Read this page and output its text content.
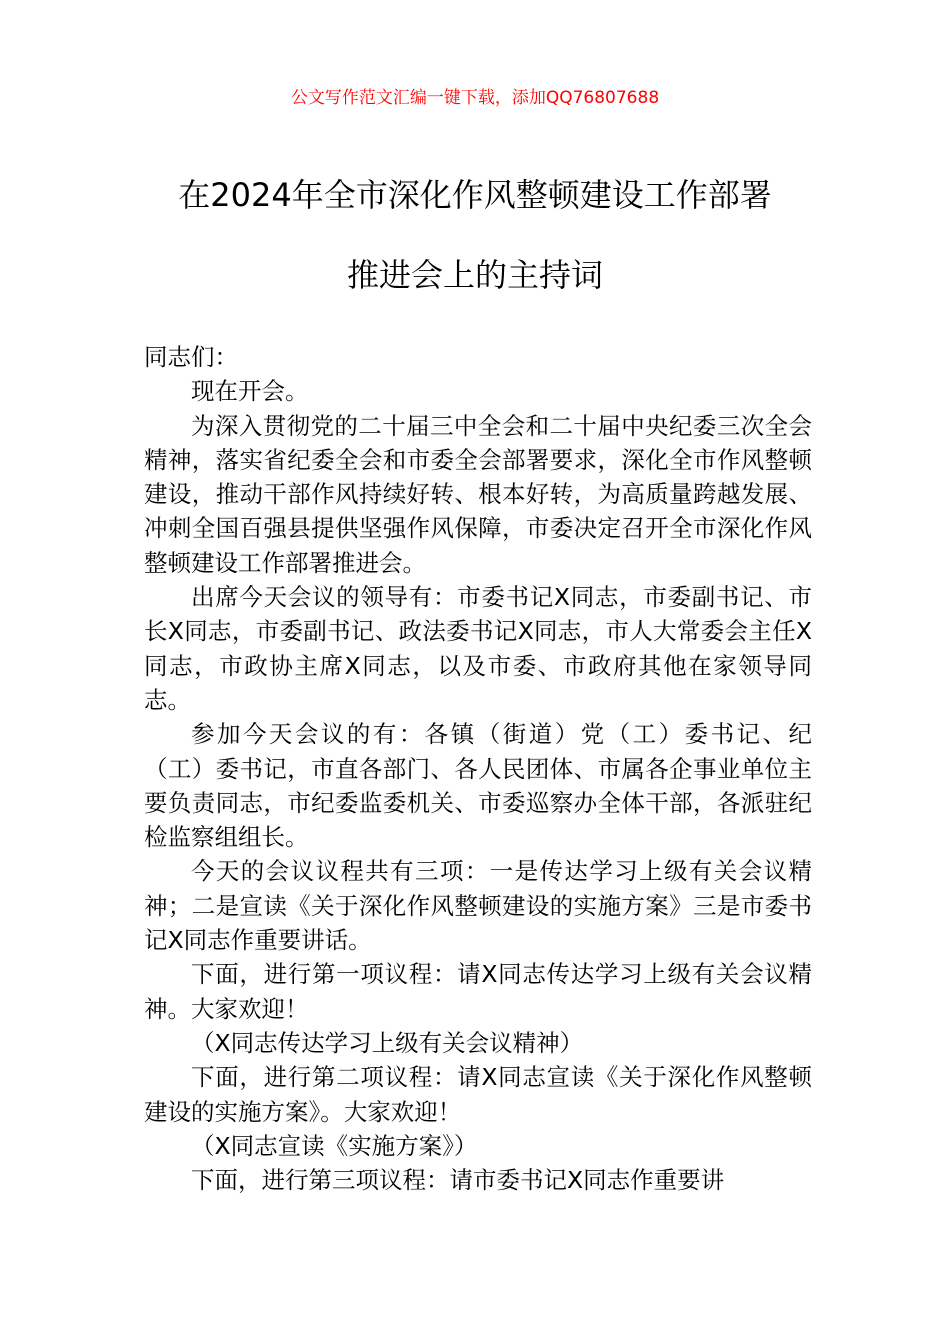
公文写作范文汇编一键下载，添加QQ76807688
在2024年全市深化作风整顿建设工作部署
推进会上的主持词

同志们：

现在开会。

为深入贯彻党的二十届三中全会和二十届中央纪委三次全会精神，落实省纪委全会和市委全会部署要求，深化全市作风整顿建设，推动干部作风持续好转、根本好转，为高质量跨越发展、冲刺全国百强县提供坚强作风保障，市委决定召开全市深化作风整顿建设工作部署推进会。

出席今天会议的领导有：市委书记X同志，市委副书记、市长X同志，市委副书记、政法委书记X同志，市人大常委会主任X同志，市政协主席X同志，以及市委、市政府其他在家领导同志。

参加今天会议的有：各镇（街道）党（工）委书记、纪（工）委书记，市直各部门、各人民团体、市属各企事业单位主要负责同志，市纪委监委机关、市委巡察办全体干部，各派驻纪检监察组组长。

今天的会议议程共有三项：一是传达学习上级有关会议精神；二是宣读《关于深化作风整顿建设的实施方案》三是市委书记X同志作重要讲话。

下面，进行第一项议程：请X同志传达学习上级有关会议精神。大家欢迎！

（X同志传达学习上级有关会议精神）

下面，进行第二项议程：请X同志宣读《关于深化作风整顿建设的实施方案》。大家欢迎！

（X同志宣读《实施方案》）

下面，进行第三项议程：请市委书记X同志作重要讲
